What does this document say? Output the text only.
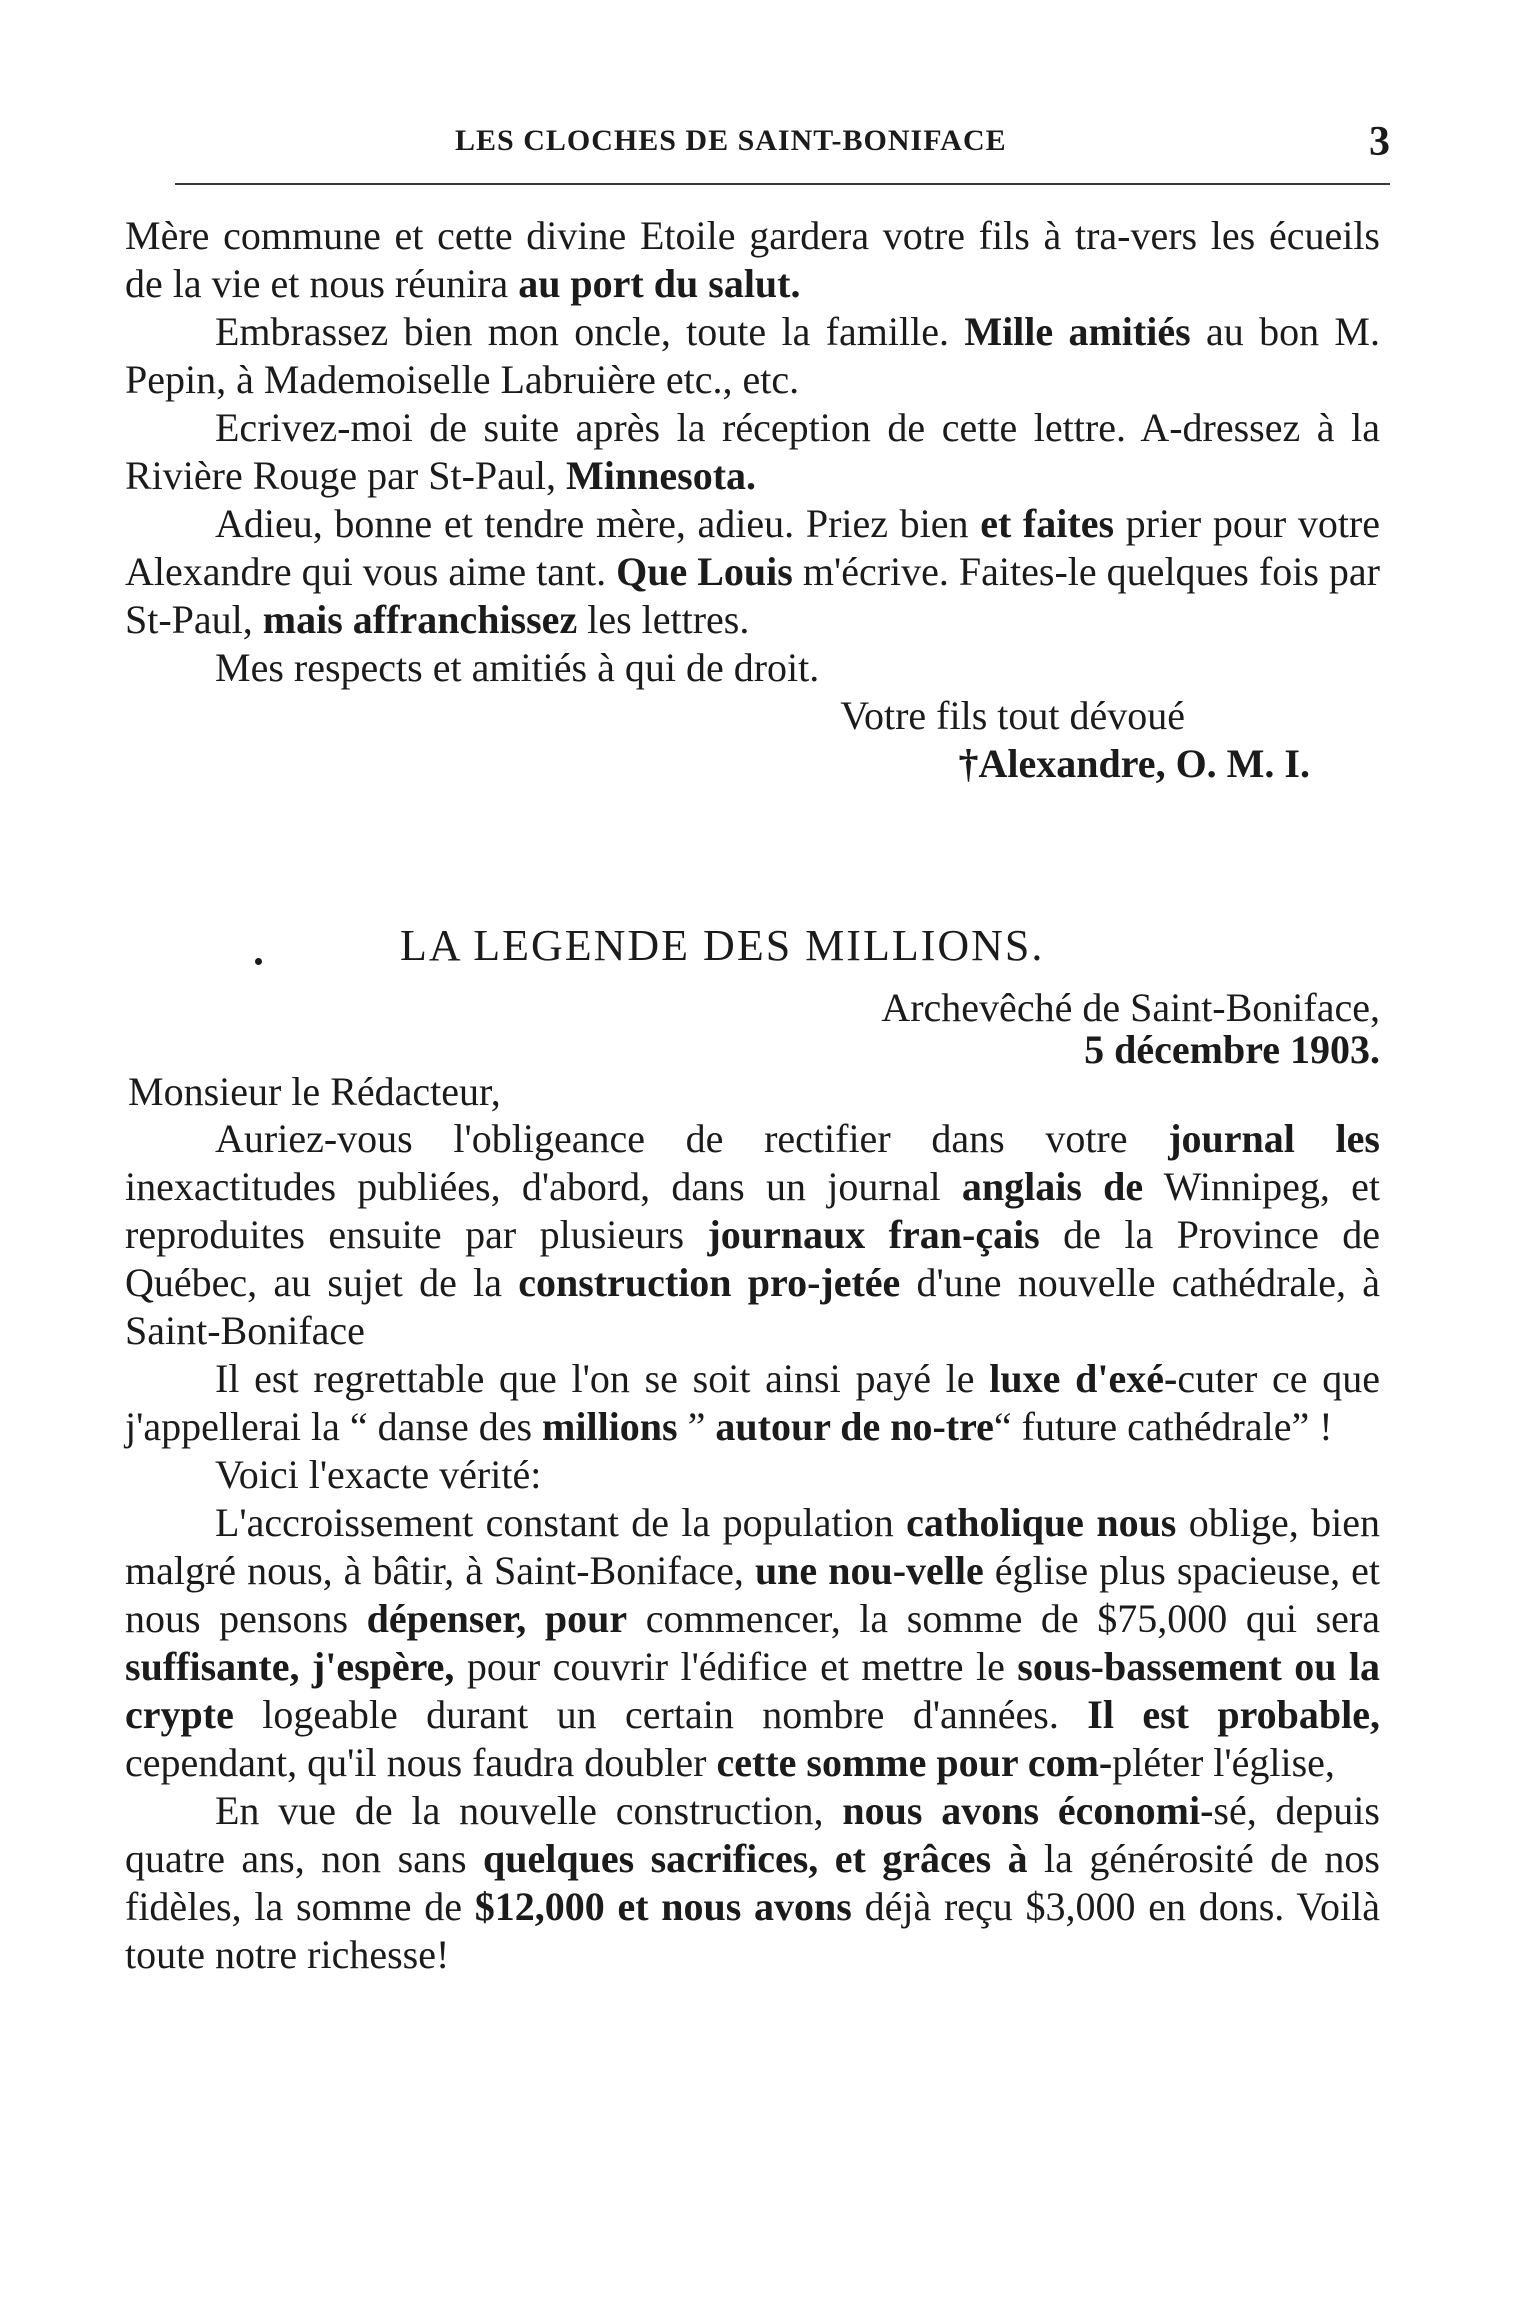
LES CLOCHES DE SAINT-BONIFACE	3

Mère commune et cette divine Etoile gardera votre fils à tra-vers les écueils de la vie et nous réunira au port du salut.

Embrassez bien mon oncle, toute la famille. Mille amitiés au bon M. Pepin, à Mademoiselle Labruière etc., etc.

Ecrivez-moi de suite après la réception de cette lettre. A-dressez à la Rivière Rouge par St-Paul, Minnesota.

Adieu, bonne et tendre mère, adieu. Priez bien et faites prier pour votre Alexandre qui vous aime tant. Que Louis m'écrive. Faites-le quelques fois par St-Paul, mais affranchissez les lettres.

Mes respects et amitiés à qui de droit.

Votre fils tout dévoué

†Alexandre, O. M. I.

LA LEGENDE DES MILLIONS.
Archevêché de Saint-Boniface,
5 décembre 1903.
Monsieur le Rédacteur,

Auriez-vous l'obligeance de rectifier dans votre journal les inexactitudes publiées, d'abord, dans un journal anglais de Winnipeg, et reproduites ensuite par plusieurs journaux fran-çais de la Province de Québec, au sujet de la construction pro-jetée d'une nouvelle cathédrale, à Saint-Boniface

Il est regrettable que l'on se soit ainsi payé le luxe d'exé-cuter ce que j'appellerai la “ danse des millions ” autour de no-tre“ future cathédrale” !

Voici l'exacte vérité:

L'accroissement constant de la population catholique nous oblige, bien malgré nous, à bâtir, à Saint-Boniface, une nou-velle église plus spacieuse, et nous pensons dépenser, pour commencer, la somme de $75,000 qui sera suffisante, j'espère, pour couvrir l'édifice et mettre le sous-bassement ou la crypte logeable durant un certain nombre d'années. Il est probable, cependant, qu'il nous faudra doubler cette somme pour com-pléter l'église,

En vue de la nouvelle construction, nous avons économi-sé, depuis quatre ans, non sans quelques sacrifices, et grâces à la générosité de nos fidèles, la somme de $12,000 et nous avons déjà reçu $3,000 en dons. Voilà toute notre richesse!
